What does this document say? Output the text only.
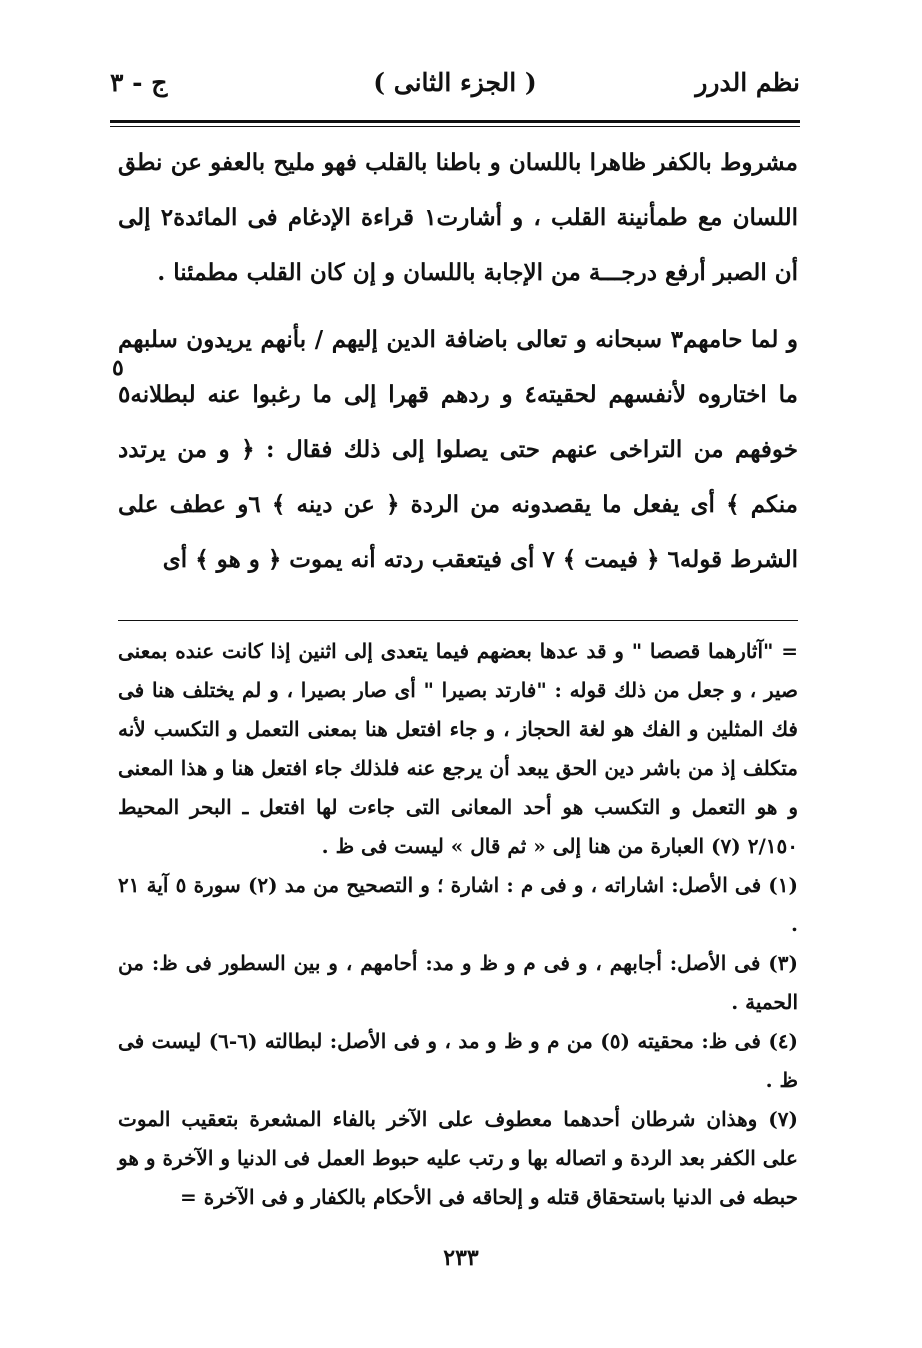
نظم الدرر
( الجزء الثانى )
ج - ٣

مشروط بالكفر ظاهرا باللسان و باطنا بالقلب فهو مليح بالعفو عن نطق اللسان مع طمأنينة القلب ، و أشارت١ قراءة الإدغام فى المائدة٢ إلى أن الصبر أرفع درجـــة من الإجابة باللسان و إن كان القلب مطمئنا .

و لما حامهم٣ سبحانه و تعالى باضافة الدين إليهم / بأنهم يريدون سلبهم ما اختاروه لأنفسهم لحقيته٤ و ردهم قهرا إلى ما رغبوا عنه لبطلانه٥ خوفهم من التراخى عنهم حتى يصلوا إلى ذلك فقال : ﴿ و من يرتدد منكم ﴾ أى يفعل ما يقصدونه من الردة ﴿ عن دينه ﴾ ٦و عطف على الشرط قوله٦ ﴿ فيمت ﴾ ٧ أى فيتعقب ردته أنه يموت ﴿ و هو ﴾ أى

٥

= "آثارهما قصصا " و قد عدها بعضهم فيما يتعدى إلى اثنين إذا كانت عنده بمعنى صير ، و جعل من ذلك قوله : "فارتد بصيرا " أى صار بصيرا ، و لم يختلف هنا فى فك المثلين و الفك هو لغة الحجاز ، و جاء افتعل هنا بمعنى التعمل و التكسب لأنه متكلف إذ من باشر دين الحق يبعد أن يرجع عنه فلذلك جاء افتعل هنا و هذا المعنى و هو التعمل و التكسب هو أحد المعانى التى جاءت لها افتعل ـ البحر المحيط ٢/١٥٠ (٧) العبارة من هنا إلى « ثم قال » ليست فى ظ .

(١) فى الأصل: اشاراته ، و فى م : اشارة ؛ و التصحيح من مد (٢) سورة ٥ آية ٢١ .

(٣) فى الأصل: أجابهم ، و فى م و ظ و مد: أحامهم ، و بين السطور فى ظ: من الحمية .

(٤) فى ظ: محقيته (٥) من م و ظ و مد ، و فى الأصل: لبطالته (٦-٦) ليست فى ظ .

(٧) وهذان شرطان أحدهما معطوف على الآخر بالفاء المشعرة بتعقيب الموت على الكفر بعد الردة و اتصاله بها و رتب عليه حبوط العمل فى الدنيا و الآخرة و هو حبطه فى الدنيا باستحقاق قتله و إلحاقه فى الأحكام بالكفار و فى الآخرة =

٢٣٣
